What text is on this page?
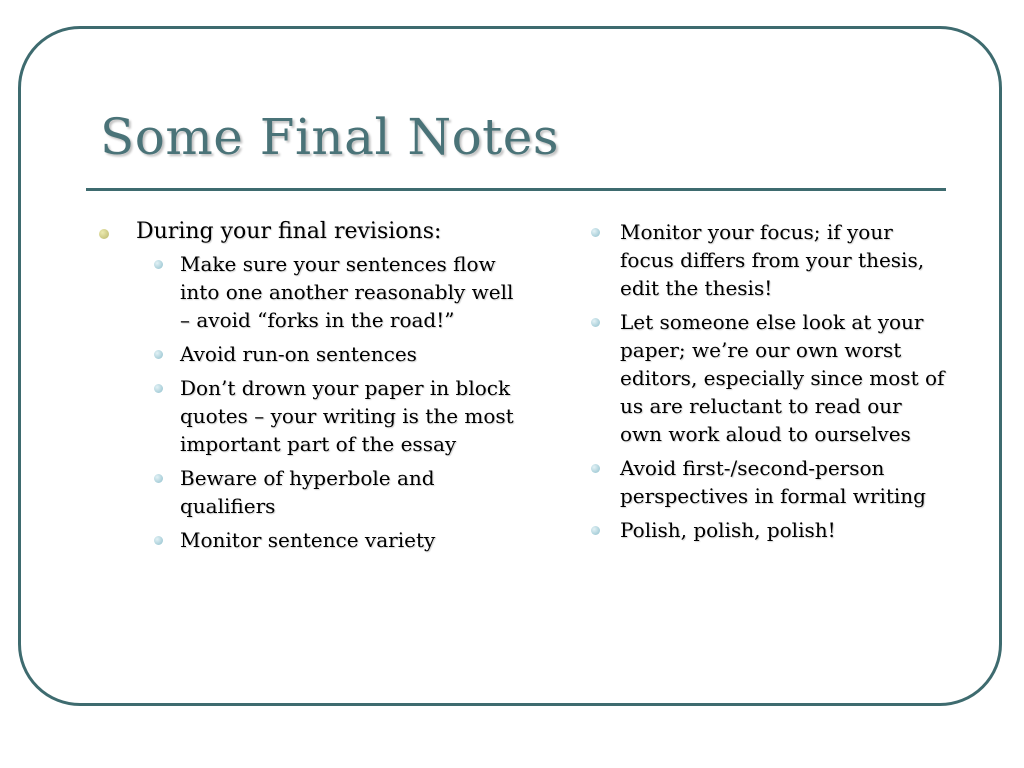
Some Final Notes
During your final revisions:
Make sure your sentences flow into one another reasonably well – avoid “forks in the road!”
Avoid run-on sentences
Don’t drown your paper in block quotes – your writing is the most important part of the essay
Beware of hyperbole and qualifiers
Monitor sentence variety
Monitor your focus; if your focus differs from your thesis, edit the thesis!
Let someone else look at your paper; we’re our own worst editors, especially since most of us are reluctant to read our own work aloud to ourselves
Avoid first-/second-person perspectives in formal writing
Polish, polish, polish!
